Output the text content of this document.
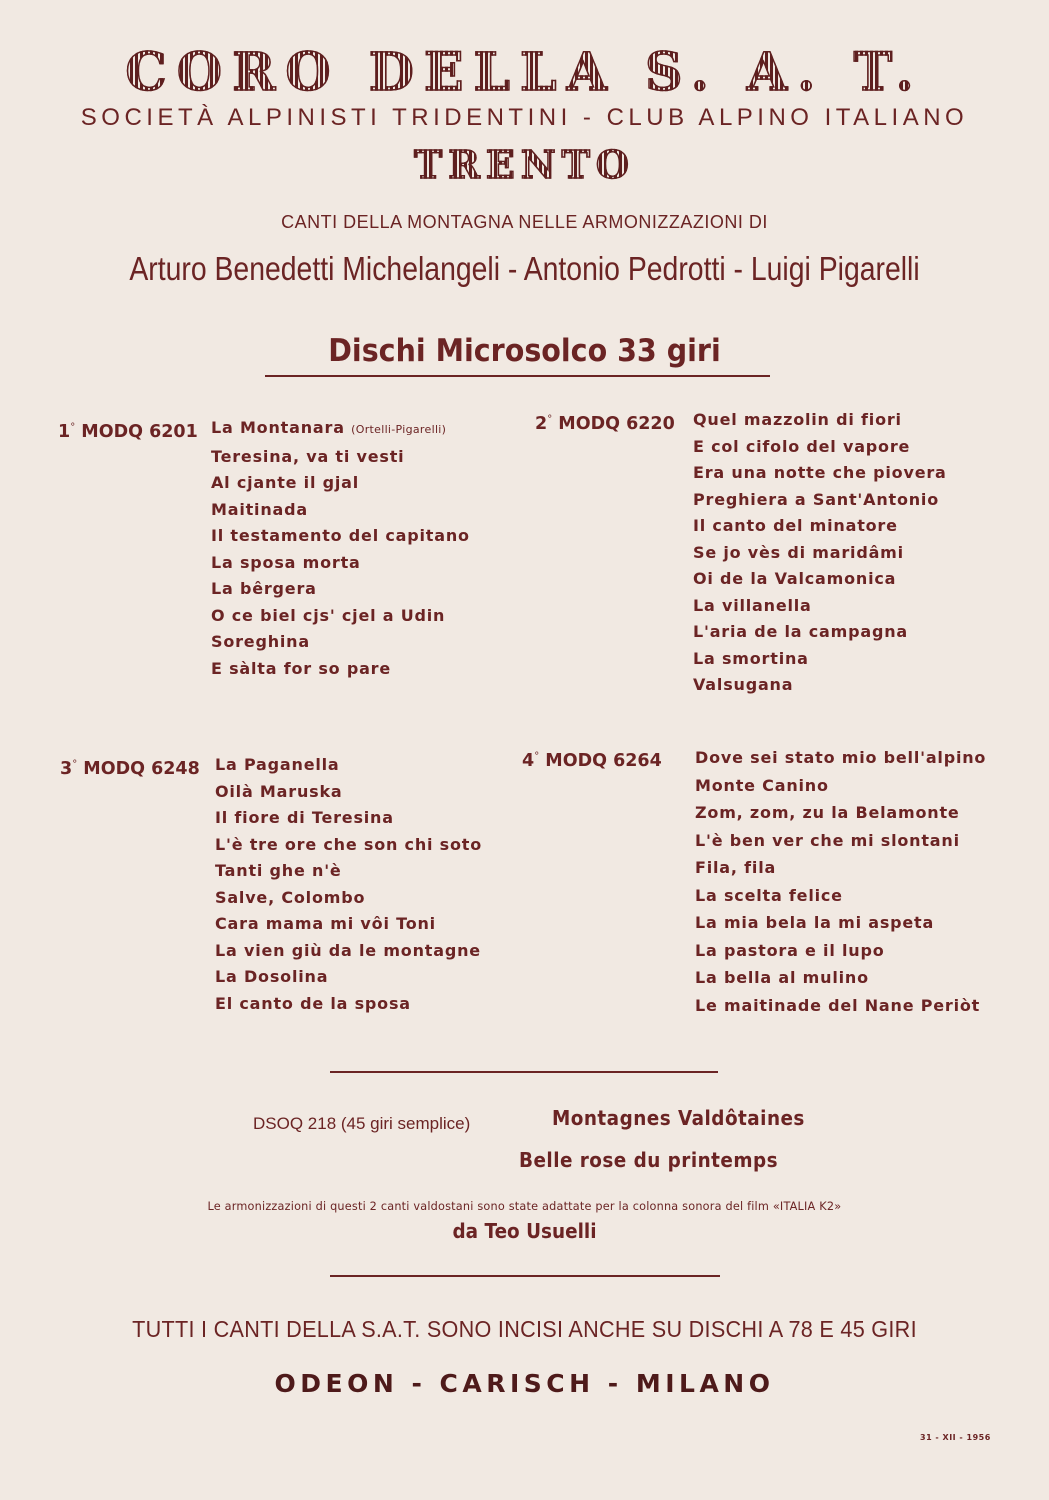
CORO DELLA S. A. T.
SOCIETÀ ALPINISTI TRIDENTINI - CLUB ALPINO ITALIANO
TRENTO
CANTI DELLA MONTAGNA NELLE ARMONIZZAZIONI DI
Arturo Benedetti Michelangeli - Antonio Pedrotti - Luigi Pigarelli
Dischi Microsolco 33 giri
1° MODQ 6201 La Montanara (Ortelli-Pigarelli)
Teresina, va ti vesti
Al cjante il gjal
Maitinada
Il testamento del capitano
La sposa morta
La bêrgera
O ce biel cjs' cjel a Udin
Soreghina
E sàlta for so pare
2° MODQ 6220 Quel mazzolin di fiori
E col cifolo del vapore
Era una notte che piovera
Preghiera a Sant'Antonio
Il canto del minatore
Se jo vès di maridâmi
Oi de la Valcamonica
La villanella
L'aria de la campagna
La smortina
Valsugana
3° MODQ 6248 La Paganella
Oilà Maruska
Il fiore di Teresina
L'è tre ore che son chi soto
Tanti ghe n'è
Salve, Colombo
Cara mama mi vôi Toni
La vien giù da le montagne
La Dosolina
El canto de la sposa
4° MODQ 6264 Dove sei stato mio bell'alpino
Monte Canino
Zom, zom, zu la Belamonte
L'è ben ver che mi slontani
Fila, fila
La scelta felice
La mia bela la mi aspeta
La pastora e il lupo
La bella al mulino
Le maitinade del Nane Periòt
DSOQ 218 (45 giri semplice)	Montagnes Valdôtaines
Belle rose du printemps
Le armonizzazioni di questi 2 canti valdostani sono state adattate per la colonna sonora del film «ITALIA K2»
da Teo Usuelli
TUTTI I CANTI DELLA S.A.T. SONO INCISI ANCHE SU DISCHI A 78 E 45 GIRI
ODEON - CARISCH - MILANO
31 - XII - 1956
